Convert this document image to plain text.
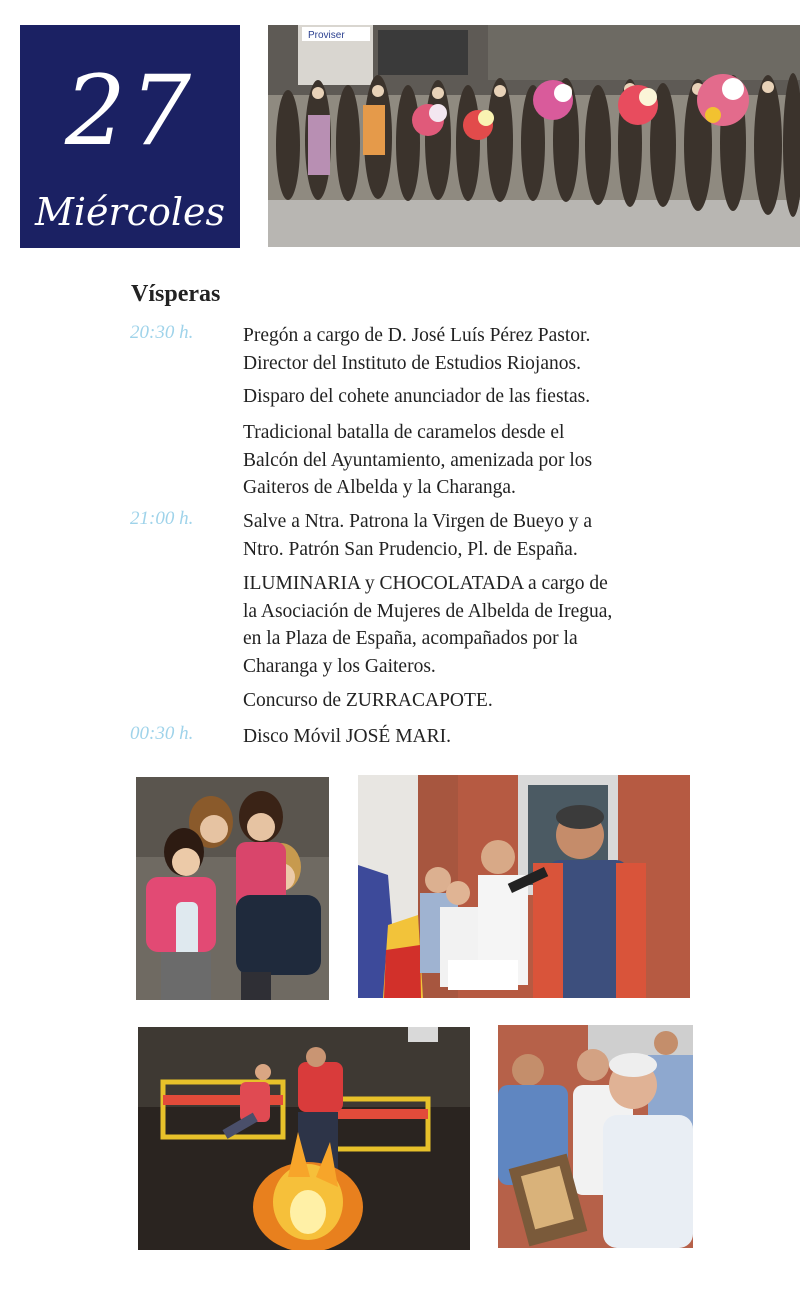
27
Miércoles
Proviser
Vísperas
20:30 h.	Pregón a cargo de D. José Luís Pérez Pastor.
Director del Instituto de Estudios Riojanos.
Disparo del cohete anunciador de las fiestas.
Tradicional batalla de caramelos desde el
Balcón del Ayuntamiento, amenizada por los
Gaiteros de Albelda y la Charanga.
21:00 h.	Salve a Ntra. Patrona la Virgen de Bueyo y a
Ntro. Patrón San Prudencio, Pl. de España.
ILUMINARIA y CHOCOLATADA a cargo de
la Asociación de Mujeres de Albelda de Iregua,
en la Plaza de España, acompañados por la
Charanga y los Gaiteros.
Concurso de ZURRACAPOTE.
00:30 h.	Disco Móvil JOSÉ MARI.
